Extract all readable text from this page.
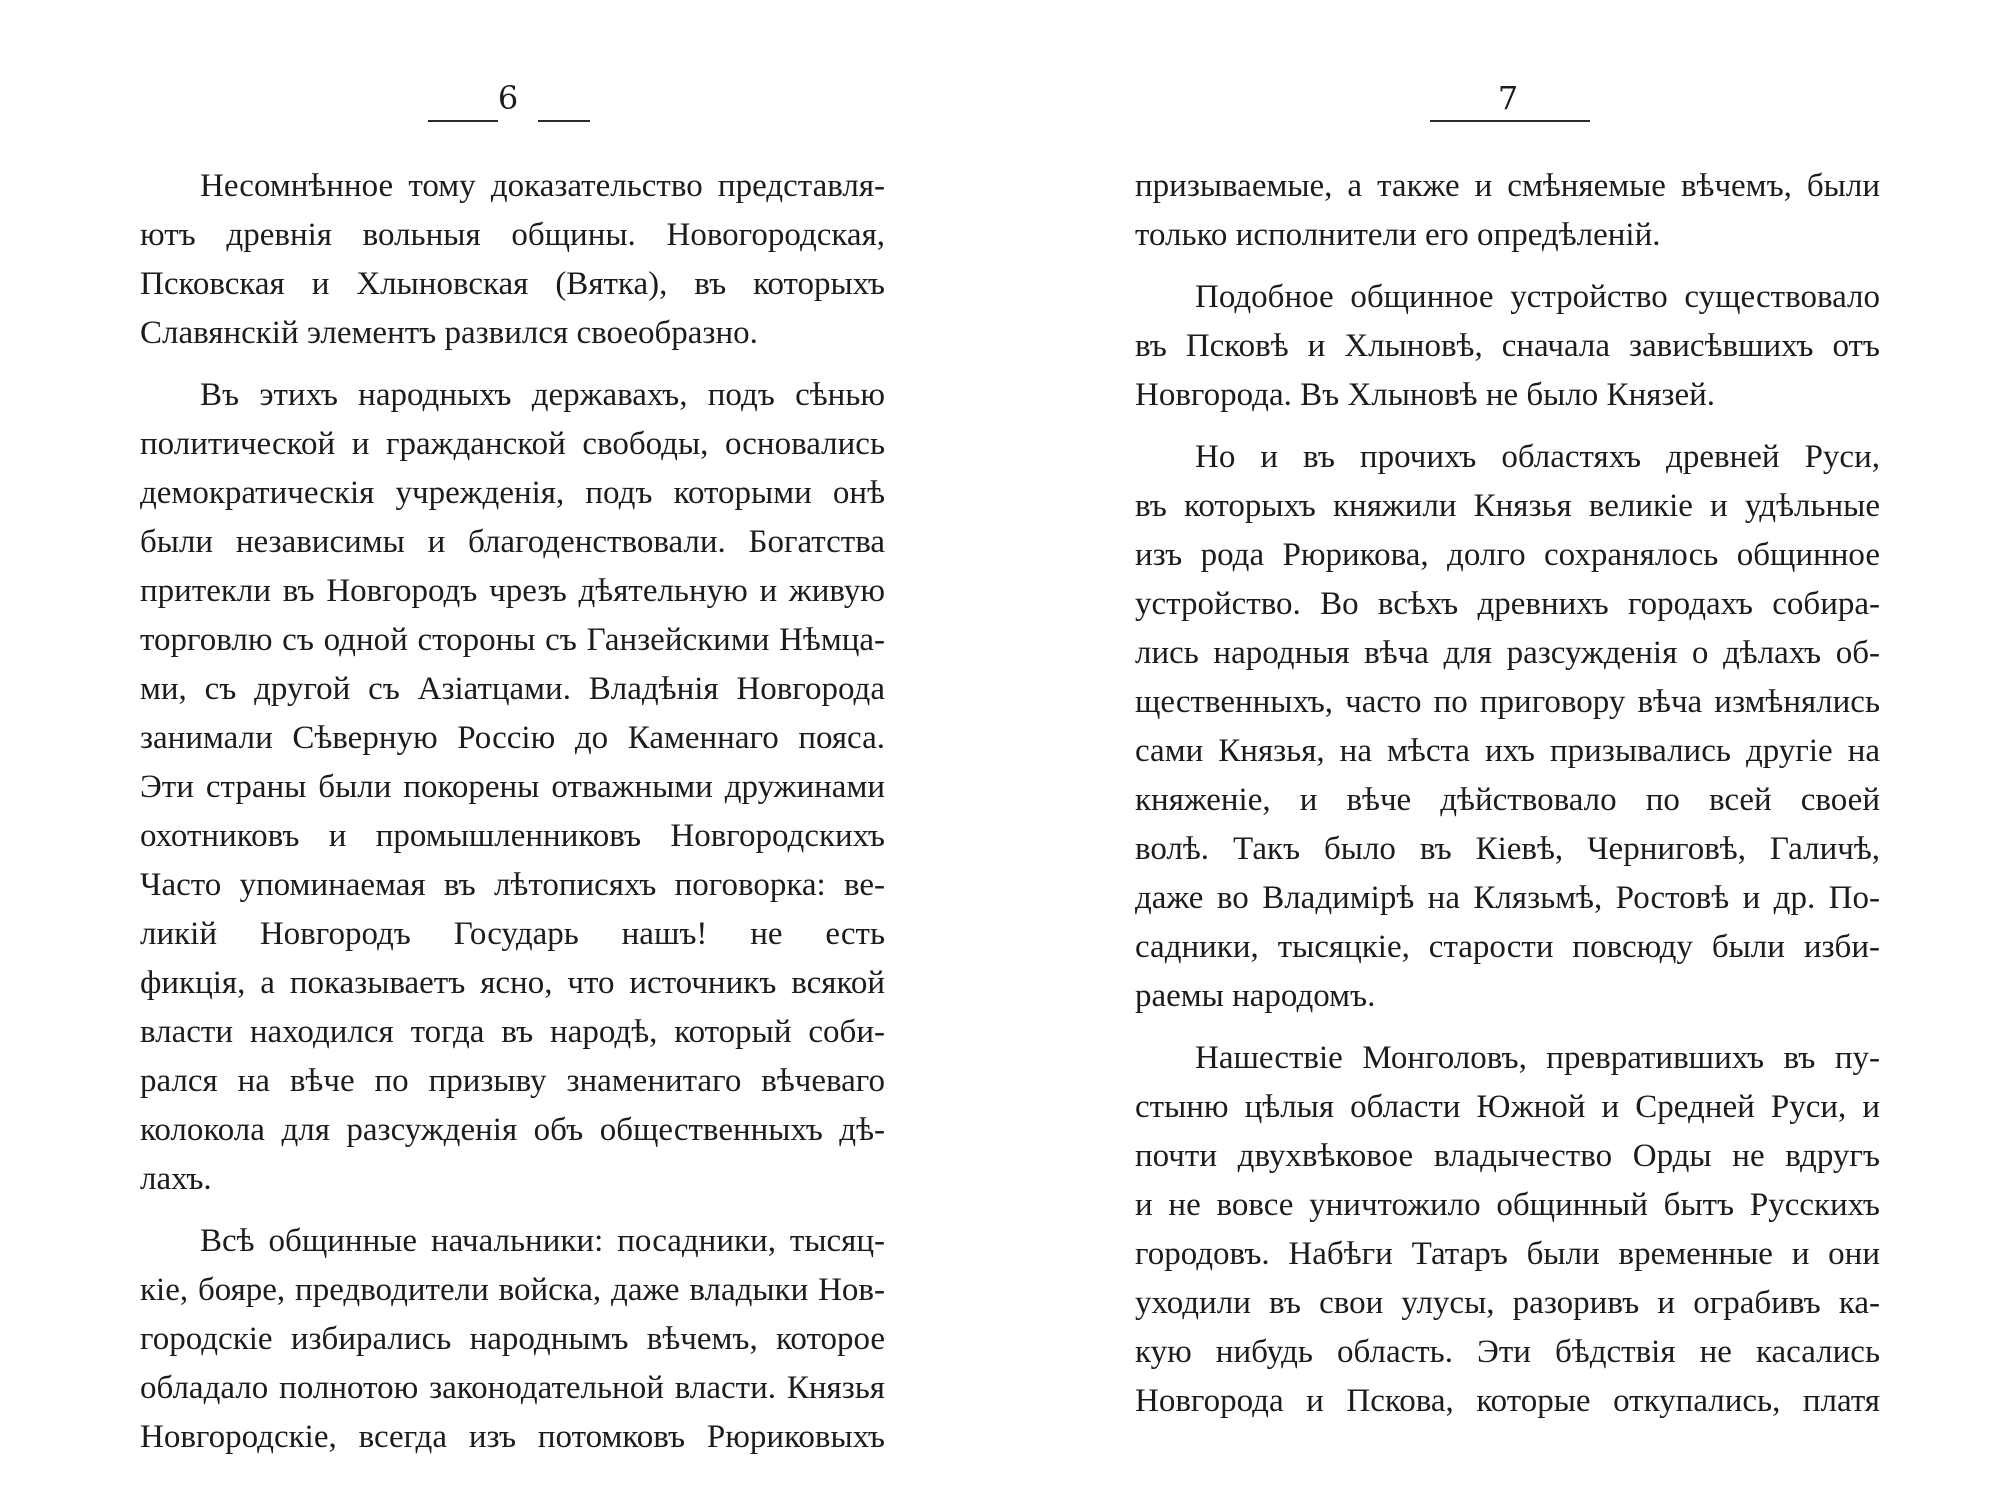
6
Несомнѣнное тому доказательство представля-
ютъ древнія вольныя общины. Новогородская,
Псковская и Хлыновская (Вятка), въ которыхъ
Славянскій элементъ развился своеобразно.
Въ этихъ народныхъ державахъ, подъ сѣнью
политической и гражданской свободы, основались
демократическія учрежденія, подъ которыми онѣ
были независимы и благоденствовали. Богатства
притекли въ Новгородъ чрезъ дѣятельную и живую
торговлю съ одной стороны съ Ганзейскими Нѣмца-
ми, съ другой съ Азіатцами. Владѣнія Новгорода
занимали Сѣверную Россію до Каменнаго пояса.
Эти страны были покорены отважными дружинами
охотниковъ и промышленниковъ Новгородскихъ
Часто упоминаемая въ лѣтописяхъ поговорка: ве-
ликій Новгородъ Государь нашъ! не есть
фикція, а показываетъ ясно, что источникъ всякой
власти находился тогда въ народѣ, который соби-
рался на вѣче по призыву знаменитаго вѣчеваго
колокола для разсужденія объ общественныхъ дѣ-
лахъ.
Всѣ общинные начальники: посадники, тысяц-
кіе, бояре, предводители войска, даже владыки Нов-
городскіе избирались народнымъ вѣчемъ, которое
обладало полнотою законодательной власти. Князья
Новгородскіе, всегда изъ потомковъ Рюриковыхъ
7
призываемые, а также и смѣняемые вѣчемъ, были
только исполнители его опредѣленій.
Подобное общинное устройство существовало
въ Псковѣ и Хлыновѣ, сначала зависѣвшихъ отъ
Новгорода. Въ Хлыновѣ не было Князей.
Но и въ прочихъ областяхъ древней Руси,
въ которыхъ княжили Князья великіе и удѣльные
изъ рода Рюрикова, долго сохранялось общинное
устройство. Во всѣхъ древнихъ городахъ собира-
лись народныя вѣча для разсужденія о дѣлахъ об-
щественныхъ, часто по приговору вѣча измѣнялись
сами Князья, на мѣста ихъ призывались другіе на
княженіе, и вѣче дѣйствовало по всей своей
волѣ. Такъ было въ Кіевѣ, Черниговѣ, Галичѣ,
даже во Владимірѣ на Клязьмѣ, Ростовѣ и др. По-
садники, тысяцкіе, старости повсюду были изби-
раемы народомъ.
Нашествіе Монголовъ, превратившихъ въ пу-
стыню цѣлыя области Южной и Средней Руси, и
почти двухвѣковое владычество Орды не вдругъ
и не вовсе уничтожило общинный бытъ Русскихъ
городовъ. Набѣги Татаръ были временные и они
уходили въ свои улусы, разоривъ и ограбивъ ка-
кую нибудь область. Эти бѣдствія не касались
Новгорода и Пскова, которые откупались, платя
